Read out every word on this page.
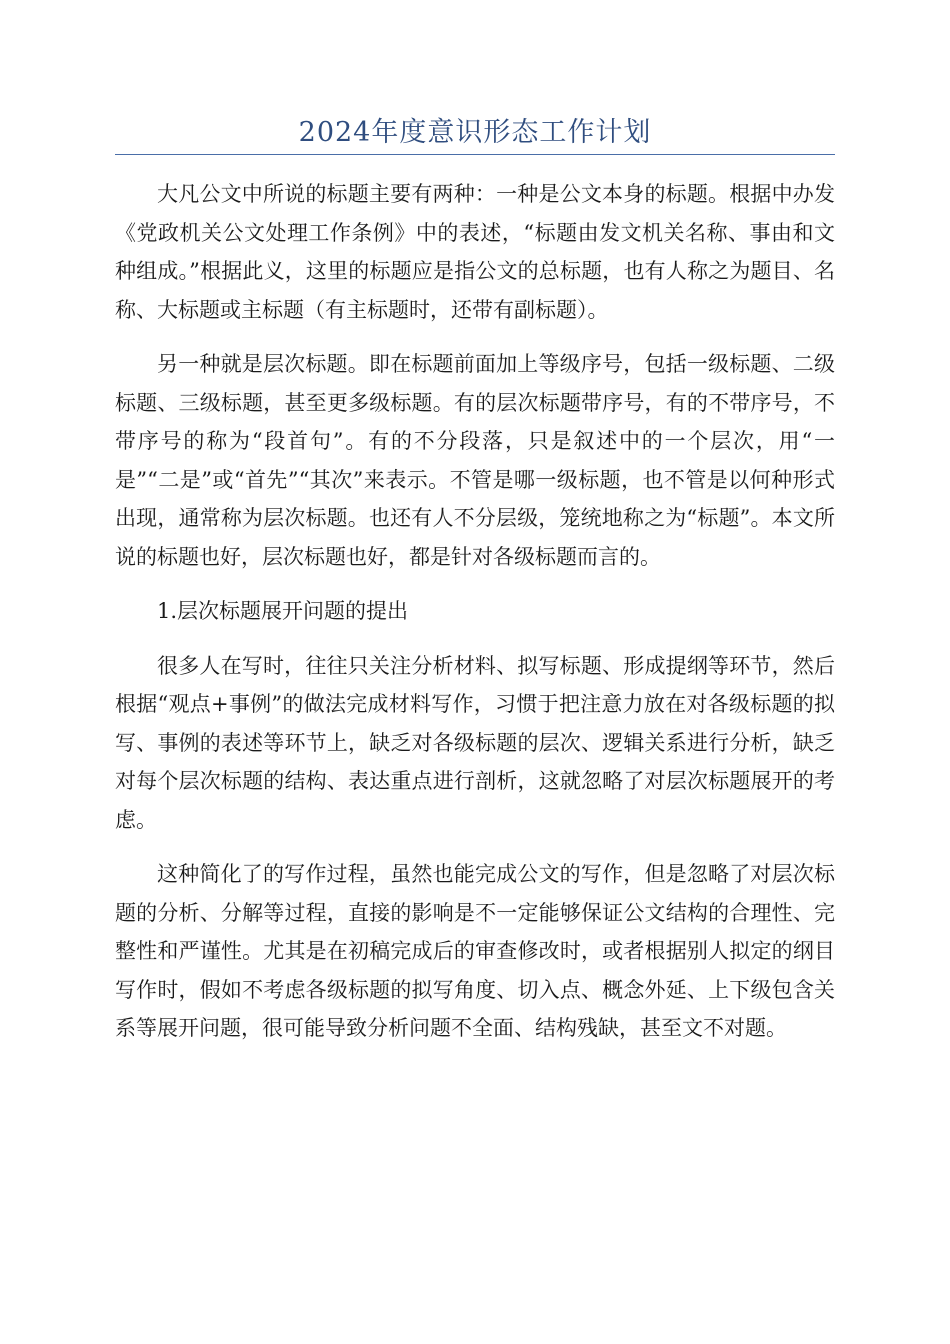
2024年度意识形态工作计划

大凡公文中所说的标题主要有两种：一种是公文本身的标题。根据中办发《党政机关公文处理工作条例》中的表述，“标题由发文机关名称、事由和文种组成。”根据此义，这里的标题应是指公文的总标题，也有人称之为题目、名称、大标题或主标题（有主标题时，还带有副标题）。

另一种就是层次标题。即在标题前面加上等级序号，包括一级标题、二级标题、三级标题，甚至更多级标题。有的层次标题带序号，有的不带序号，不带序号的称为“段首句”。有的不分段落，只是叙述中的一个层次，用“一是”“二是”或“首先”“其次”来表示。不管是哪一级标题，也不管是以何种形式出现，通常称为层次标题。也还有人不分层级，笼统地称之为“标题”。本文所说的标题也好，层次标题也好，都是针对各级标题而言的。

1.层次标题展开问题的提出

很多人在写时，往往只关注分析材料、拟写标题、形成提纲等环节，然后根据“观点+事例”的做法完成材料写作，习惯于把注意力放在对各级标题的拟写、事例的表述等环节上，缺乏对各级标题的层次、逻辑关系进行分析，缺乏对每个层次标题的结构、表达重点进行剖析，这就忽略了对层次标题展开的考虑。

这种简化了的写作过程，虽然也能完成公文的写作，但是忽略了对层次标题的分析、分解等过程，直接的影响是不一定能够保证公文结构的合理性、完整性和严谨性。尤其是在初稿完成后的审查修改时，或者根据别人拟定的纲目写作时，假如不考虑各级标题的拟写角度、切入点、概念外延、上下级包含关系等展开问题，很可能导致分析问题不全面、结构残缺，甚至文不对题。
